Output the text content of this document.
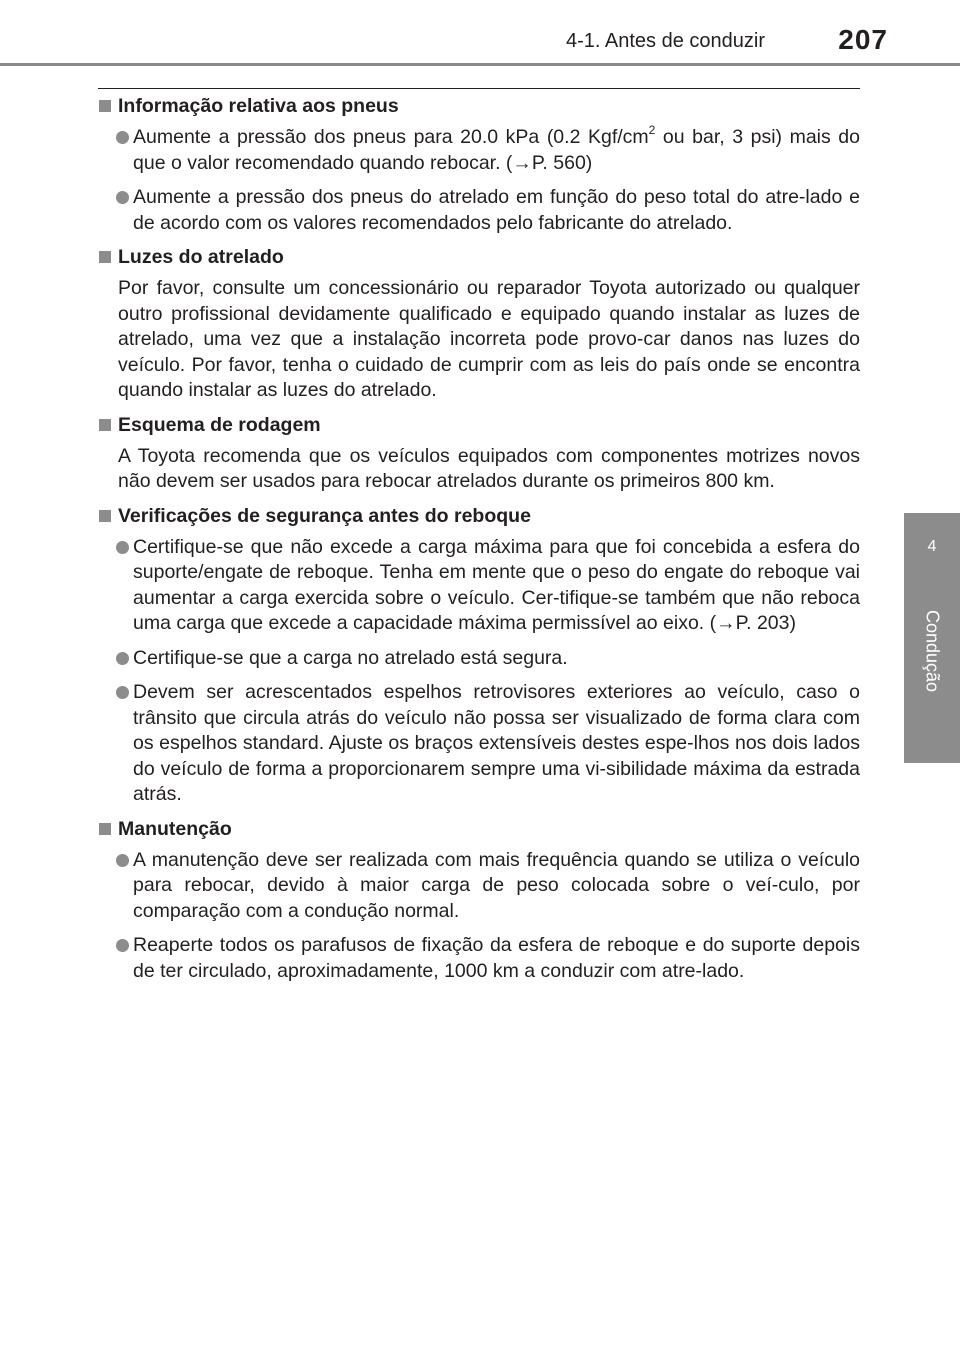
4-1. Antes de conduzir	207
4
Condução
Informação relativa aos pneus
Aumente a pressão dos pneus para 20.0 kPa (0.2 Kgf/$cm^2$ ou bar, 3 psi) mais do que o valor recomendado quando rebocar. (→P. 560)
Aumente a pressão dos pneus do atrelado em função do peso total do atre-lado e de acordo com os valores recomendados pelo fabricante do atrelado.
Luzes do atrelado
Por favor, consulte um concessionário ou reparador Toyota autorizado ou qualquer outro profissional devidamente qualificado e equipado quando instalar as luzes de atrelado, uma vez que a instalação incorreta pode provo-car danos nas luzes do veículo. Por favor, tenha o cuidado de cumprir com as leis do país onde se encontra quando instalar as luzes do atrelado.
Esquema de rodagem
A Toyota recomenda que os veículos equipados com componentes motrizes novos não devem ser usados para rebocar atrelados durante os primeiros 800 km.
Verificações de segurança antes do reboque
Certifique-se que não excede a carga máxima para que foi concebida a esfera do suporte/engate de reboque. Tenha em mente que o peso do engate do reboque vai aumentar a carga exercida sobre o veículo. Cer-tifique-se também que não reboca uma carga que excede a capacidade máxima permissível ao eixo. (→P. 203)
Certifique-se que a carga no atrelado está segura.
Devem ser acrescentados espelhos retrovisores exteriores ao veículo, caso o trânsito que circula atrás do veículo não possa ser visualizado de forma clara com os espelhos standard. Ajuste os braços extensíveis destes espe-lhos nos dois lados do veículo de forma a proporcionarem sempre uma vi-sibilidade máxima da estrada atrás.
Manutenção
A manutenção deve ser realizada com mais frequência quando se utiliza o veículo para rebocar, devido à maior carga de peso colocada sobre o veí-culo, por comparação com a condução normal.
Reaperte todos os parafusos de fixação da esfera de reboque e do suporte depois de ter circulado, aproximadamente, 1000 km a conduzir com atre-lado.
